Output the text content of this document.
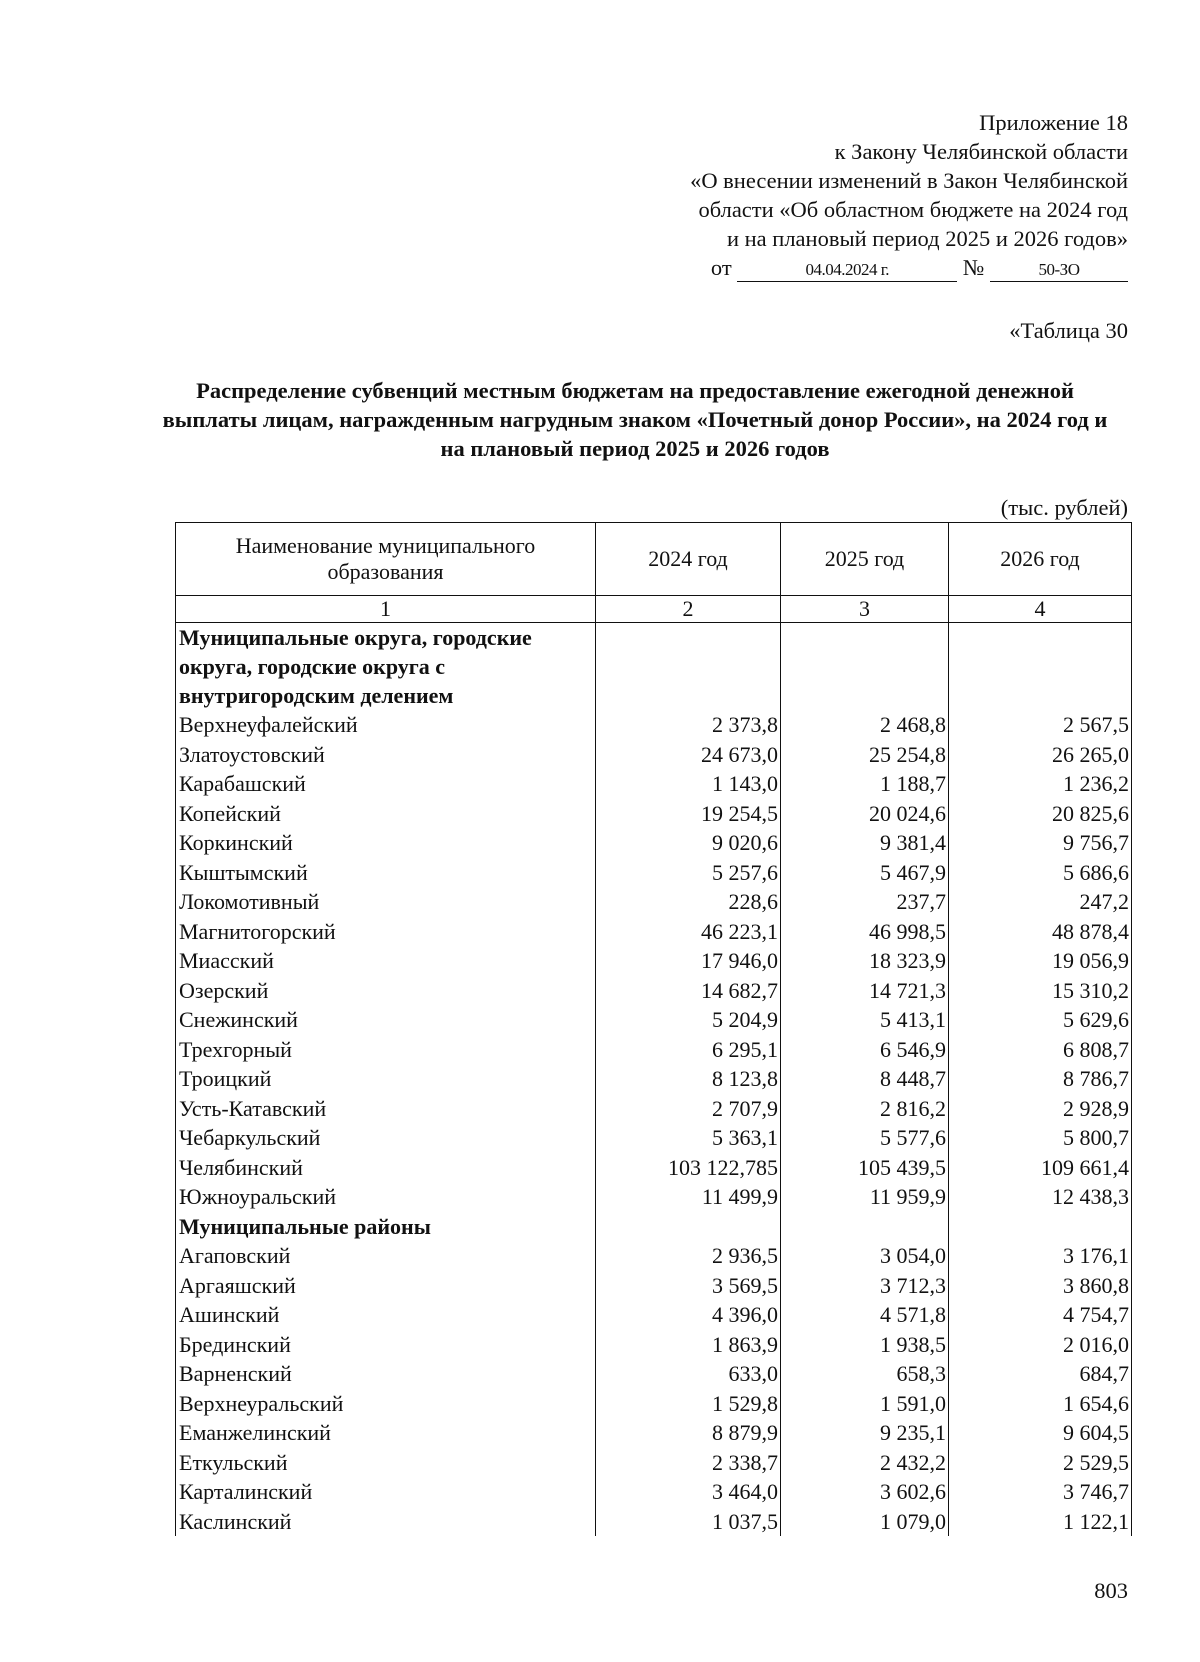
Приложение 18
к Закону Челябинской области
«О внесении изменений в Закон Челябинской
области «Об областном бюджете на 2024 год
и на плановый период 2025 и 2026 годов»
от	04.04.2024 г.	№	50-ЗО
«Таблица 30
Распределение субвенций местным бюджетам на предоставление ежегодной денежной выплаты лицам, награжденным нагрудным знаком «Почетный донор России», на 2024 год и на плановый период 2025 и 2026 годов
(тыс. рублей)
Наименование муниципального образования	2024 год	2025 год	2026 год
1	2	3	4
Муниципальные округа, городские округа, городские округа с внутригородским делением			
Верхнеуфалейский	2 373,8	2 468,8	2 567,5
Златоустовский	24 673,0	25 254,8	26 265,0
Карабашский	1 143,0	1 188,7	1 236,2
Копейский	19 254,5	20 024,6	20 825,6
Коркинский	9 020,6	9 381,4	9 756,7
Кыштымский	5 257,6	5 467,9	5 686,6
Локомотивный	228,6	237,7	247,2
Магнитогорский	46 223,1	46 998,5	48 878,4
Миасский	17 946,0	18 323,9	19 056,9
Озерский	14 682,7	14 721,3	15 310,2
Снежинский	5 204,9	5 413,1	5 629,6
Трехгорный	6 295,1	6 546,9	6 808,7
Троицкий	8 123,8	8 448,7	8 786,7
Усть-Катавский	2 707,9	2 816,2	2 928,9
Чебаркульский	5 363,1	5 577,6	5 800,7
Челябинский	103 122,785	105 439,5	109 661,4
Южноуральский	11 499,9	11 959,9	12 438,3
Муниципальные районы			
Агаповский	2 936,5	3 054,0	3 176,1
Аргаяшский	3 569,5	3 712,3	3 860,8
Ашинский	4 396,0	4 571,8	4 754,7
Брединский	1 863,9	1 938,5	2 016,0
Варненский	633,0	658,3	684,7
Верхнеуральский	1 529,8	1 591,0	1 654,6
Еманжелинский	8 879,9	9 235,1	9 604,5
Еткульский	2 338,7	2 432,2	2 529,5
Карталинский	3 464,0	3 602,6	3 746,7
Каслинский	1 037,5	1 079,0	1 122,1
803
